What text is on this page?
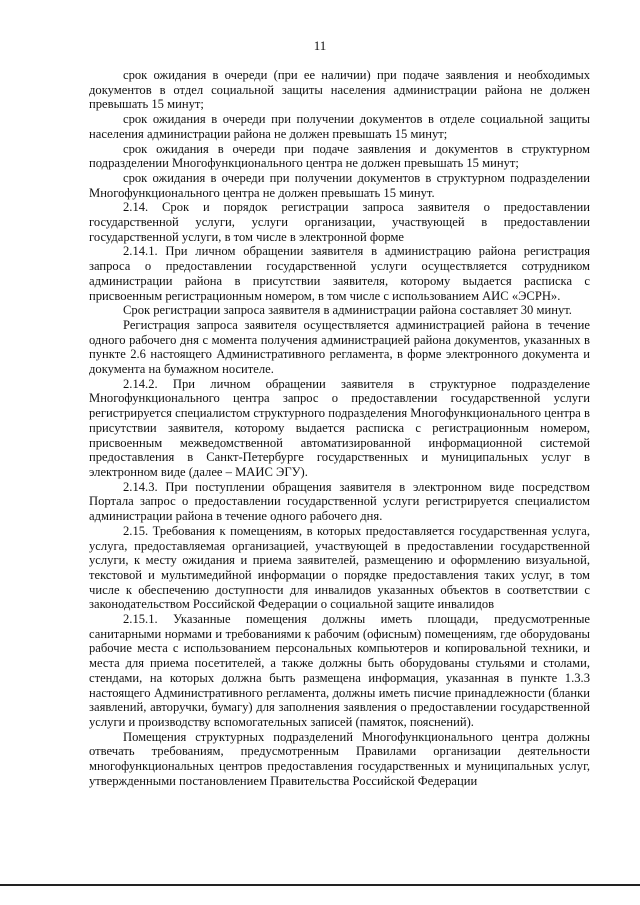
11

срок ожидания в очереди (при ее наличии) при подаче заявления и необходимых документов в отдел социальной защиты населения администрации района не должен превышать 15 минут;

срок ожидания в очереди при получении документов в отделе социальной защиты населения администрации района не должен превышать 15 минут;

срок ожидания в очереди при подаче заявления и документов в структурном подразделении Многофункционального центра не должен превышать 15 минут;

срок ожидания в очереди при получении документов в структурном подразделении Многофункционального центра не должен превышать 15 минут.

2.14. Срок и порядок регистрации запроса заявителя о предоставлении государственной услуги, услуги организации, участвующей в предоставлении государственной услуги, в том числе в электронной форме

2.14.1. При личном обращении заявителя в администрацию района регистрация запроса о предоставлении государственной услуги осуществляется сотрудником администрации района в присутствии заявителя, которому выдается расписка с присвоенным регистрационным номером, в том числе с использованием АИС «ЭСРН».

Срок регистрации запроса заявителя в администрации района составляет 30 минут.

Регистрация запроса заявителя осуществляется администрацией района в течение одного рабочего дня с момента получения администрацией района документов, указанных в пункте 2.6 настоящего Административного регламента, в форме электронного документа и документа на бумажном носителе.

2.14.2. При личном обращении заявителя в структурное подразделение Многофункционального центра запрос о предоставлении государственной услуги регистрируется специалистом структурного подразделения Многофункционального центра в присутствии заявителя, которому выдается расписка с регистрационным номером, присвоенным межведомственной автоматизированной информационной системой предоставления в Санкт-Петербурге государственных и муниципальных услуг в электронном виде (далее – МАИС ЭГУ).

2.14.3. При поступлении обращения заявителя в электронном виде посредством Портала запрос о предоставлении государственной услуги регистрируется специалистом администрации района в течение одного рабочего дня.

2.15. Требования к помещениям, в которых предоставляется государственная услуга, услуга, предоставляемая организацией, участвующей в предоставлении государственной услуги, к месту ожидания и приема заявителей, размещению и оформлению визуальной, текстовой и мультимедийной информации о порядке предоставления таких услуг, в том числе к обеспечению доступности для инвалидов указанных объектов в соответствии с законодательством Российской Федерации о социальной защите инвалидов

2.15.1. Указанные помещения должны иметь площади, предусмотренные санитарными нормами и требованиями к рабочим (офисным) помещениям, где оборудованы рабочие места с использованием персональных компьютеров и копировальной техники, и места для приема посетителей, а также должны быть оборудованы стульями и столами, стендами, на которых должна быть размещена информация, указанная в пункте 1.3.3 настоящего Административного регламента, должны иметь писчие принадлежности (бланки заявлений, авторучки, бумагу) для заполнения заявления о предоставлении государственной услуги и производству вспомогательных записей (памяток, пояснений).

Помещения структурных подразделений Многофункционального центра должны отвечать требованиям, предусмотренным Правилами организации деятельности многофункциональных центров предоставления государственных и муниципальных услуг, утвержденными постановлением Правительства Российской Федерации
